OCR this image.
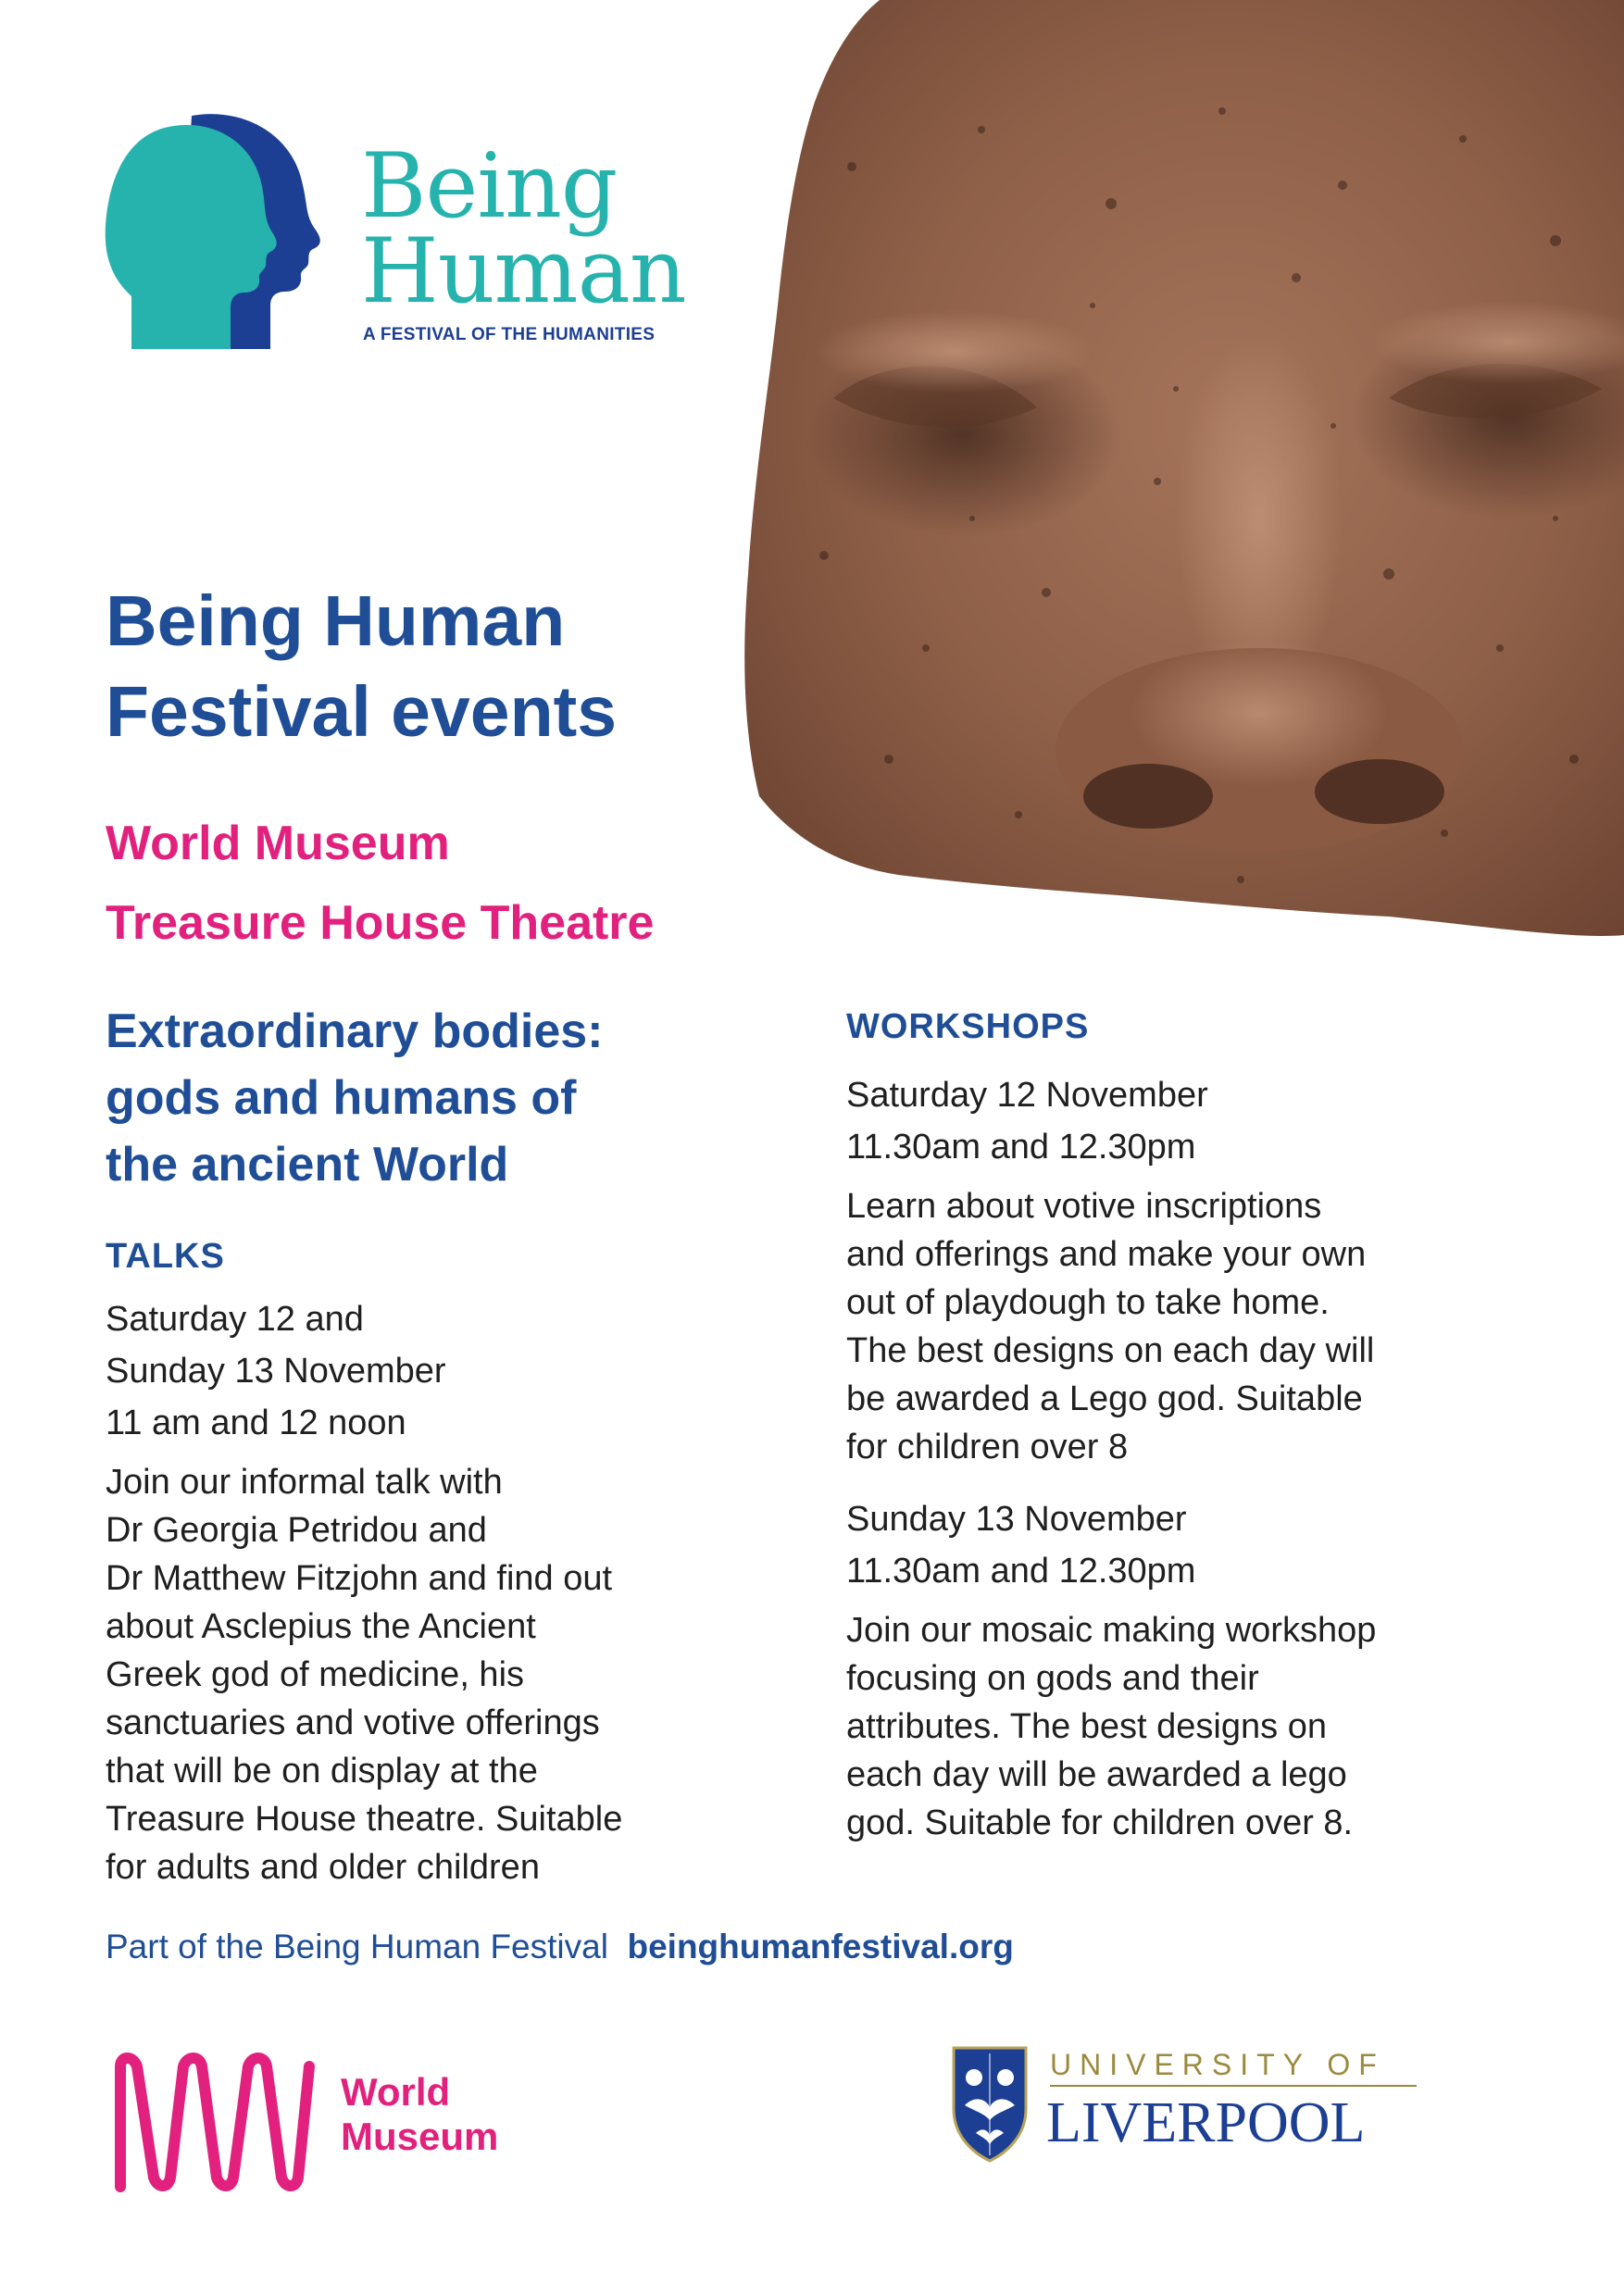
Being
Human
A FESTIVAL OF THE HUMANITIES
Being Human
Festival events
World Museum
Treasure House Theatre
Extraordinary bodies:
gods and humans of
the ancient World
TALKS
Saturday 12 and
Sunday 13 November
11 am and 12 noon
Join our informal talk with
Dr Georgia Petridou and
Dr Matthew Fitzjohn and find out
about Asclepius the Ancient
Greek god of medicine, his
sanctuaries and votive offerings
that will be on display at the
Treasure House theatre. Suitable
for adults and older children
WORKSHOPS
Saturday 12 November
11.30am and 12.30pm
Learn about votive inscriptions
and offerings and make your own
out of playdough to take home.
The best designs on each day will
be awarded a Lego god. Suitable
for children over 8
Sunday 13 November
11.30am and 12.30pm
Join our mosaic making workshop
focusing on gods and their
attributes. The best designs on
each day will be awarded a lego
god. Suitable for children over 8.
Part of the Being Human Festival beinghumanfestival.org
World
Museum
UNIVERSITY OF
LIVERPOOL
